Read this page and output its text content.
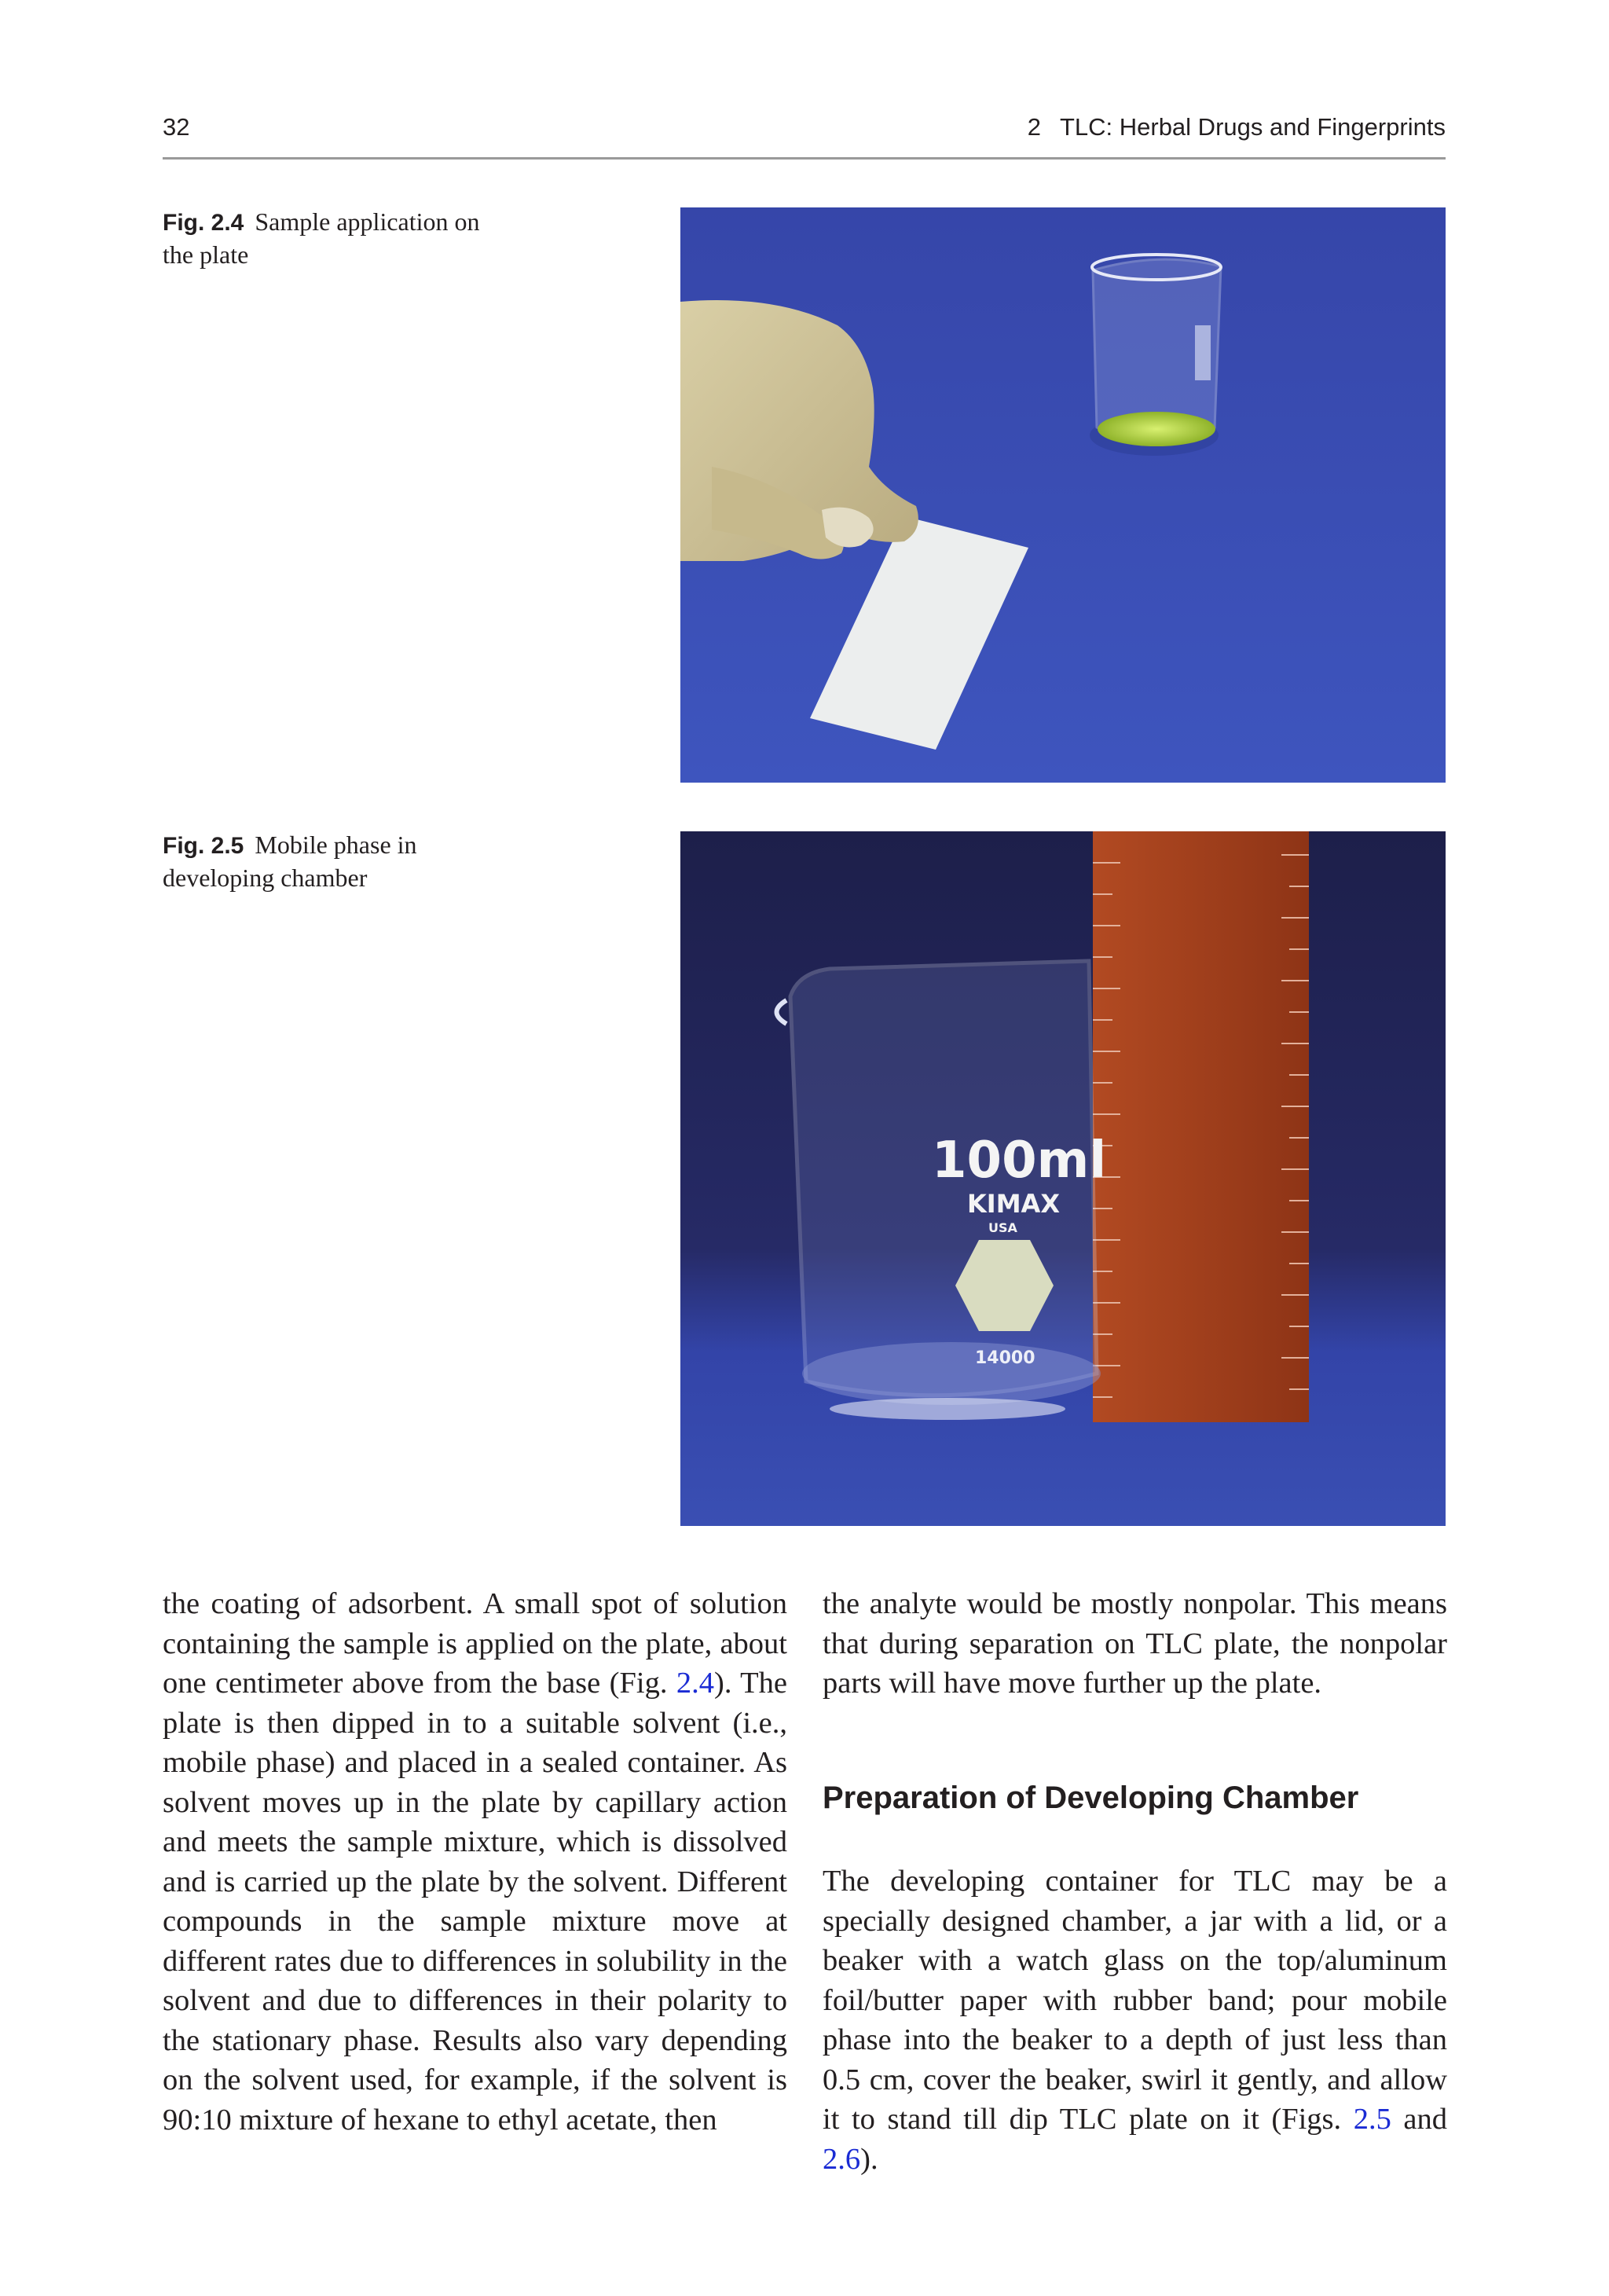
32	2 TLC: Herbal Drugs and Fingerprints
Fig. 2.4 Sample application on the plate
Fig. 2.5 Mobile phase in developing chamber
100ml
KIMAX
USA
14000

the coating of adsorbent. A small spot of solution containing the sample is applied on the plate, about one centimeter above from the base (Fig. 2.4). The plate is then dipped in to a suitable solvent (i.e., mobile phase) and placed in a sealed container. As solvent moves up in the plate by capillary action and meets the sample mixture, which is dissolved and is carried up the plate by the solvent. Different compounds in the sample mixture move at different rates due to differences in solubility in the solvent and due to differences in their polarity to the stationary phase. Results also vary depending on the solvent used, for example, if the solvent is 90:10 mixture of hexane to ethyl acetate, then

the analyte would be mostly nonpolar. This means that during separation on TLC plate, the nonpolar parts will have move further up the plate.

Preparation of Developing Chamber

The developing container for TLC may be a specially designed chamber, a jar with a lid, or a beaker with a watch glass on the top/aluminum foil/butter paper with rubber band; pour mobile phase into the beaker to a depth of just less than 0.5 cm, cover the beaker, swirl it gently, and allow it to stand till dip TLC plate on it (Figs. 2.5 and 2.6).
